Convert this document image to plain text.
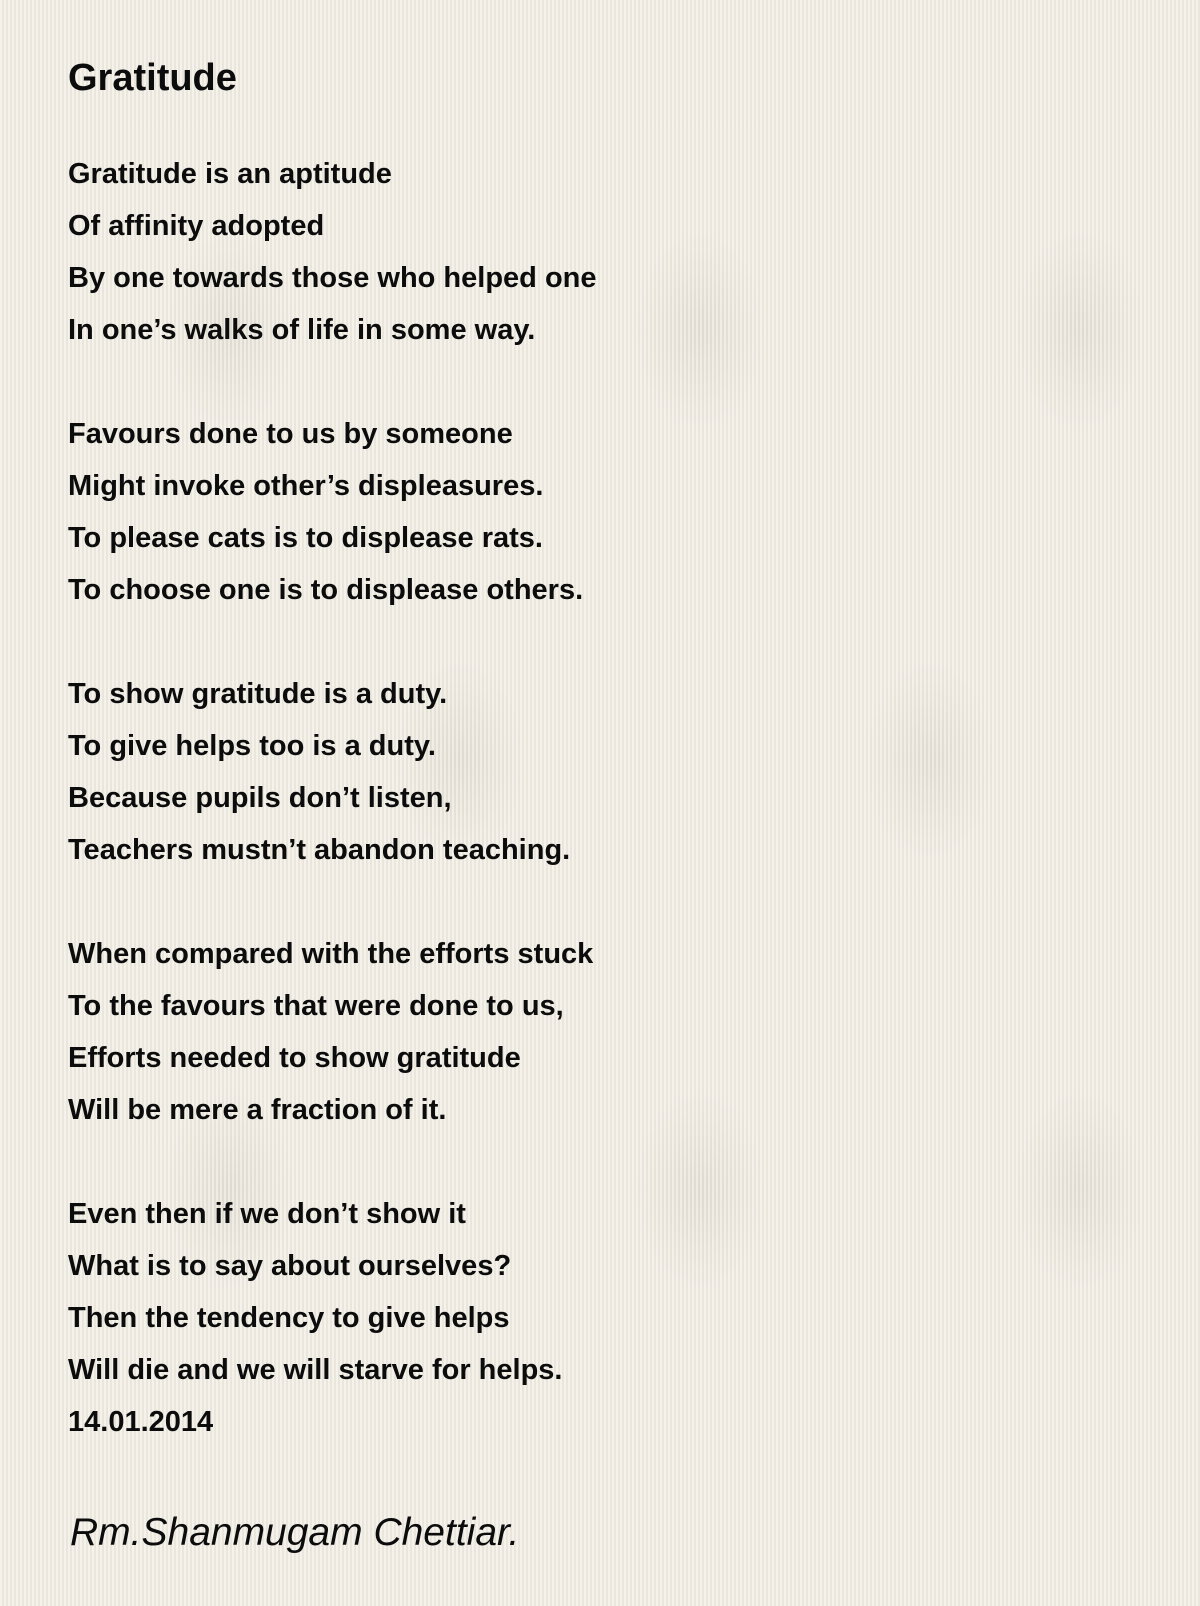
Gratitude
Gratitude is an aptitude
Of affinity adopted
By one towards those who helped one
In one’s walks of life in some way.
Favours done to us by someone
Might invoke other’s displeasures.
To please cats is to displease rats.
To choose one is to displease others.
To show gratitude is a duty.
To give helps too is a duty.
Because pupils don’t listen,
Teachers mustn’t abandon teaching.
When compared with the efforts stuck
To the favours that were done to us,
Efforts needed to show gratitude
Will be mere a fraction of it.
Even then if we don’t show it
What is to say about ourselves?
Then the tendency to give helps
Will die and we will starve for helps.
14.01.2014
Rm.Shanmugam Chettiar.
